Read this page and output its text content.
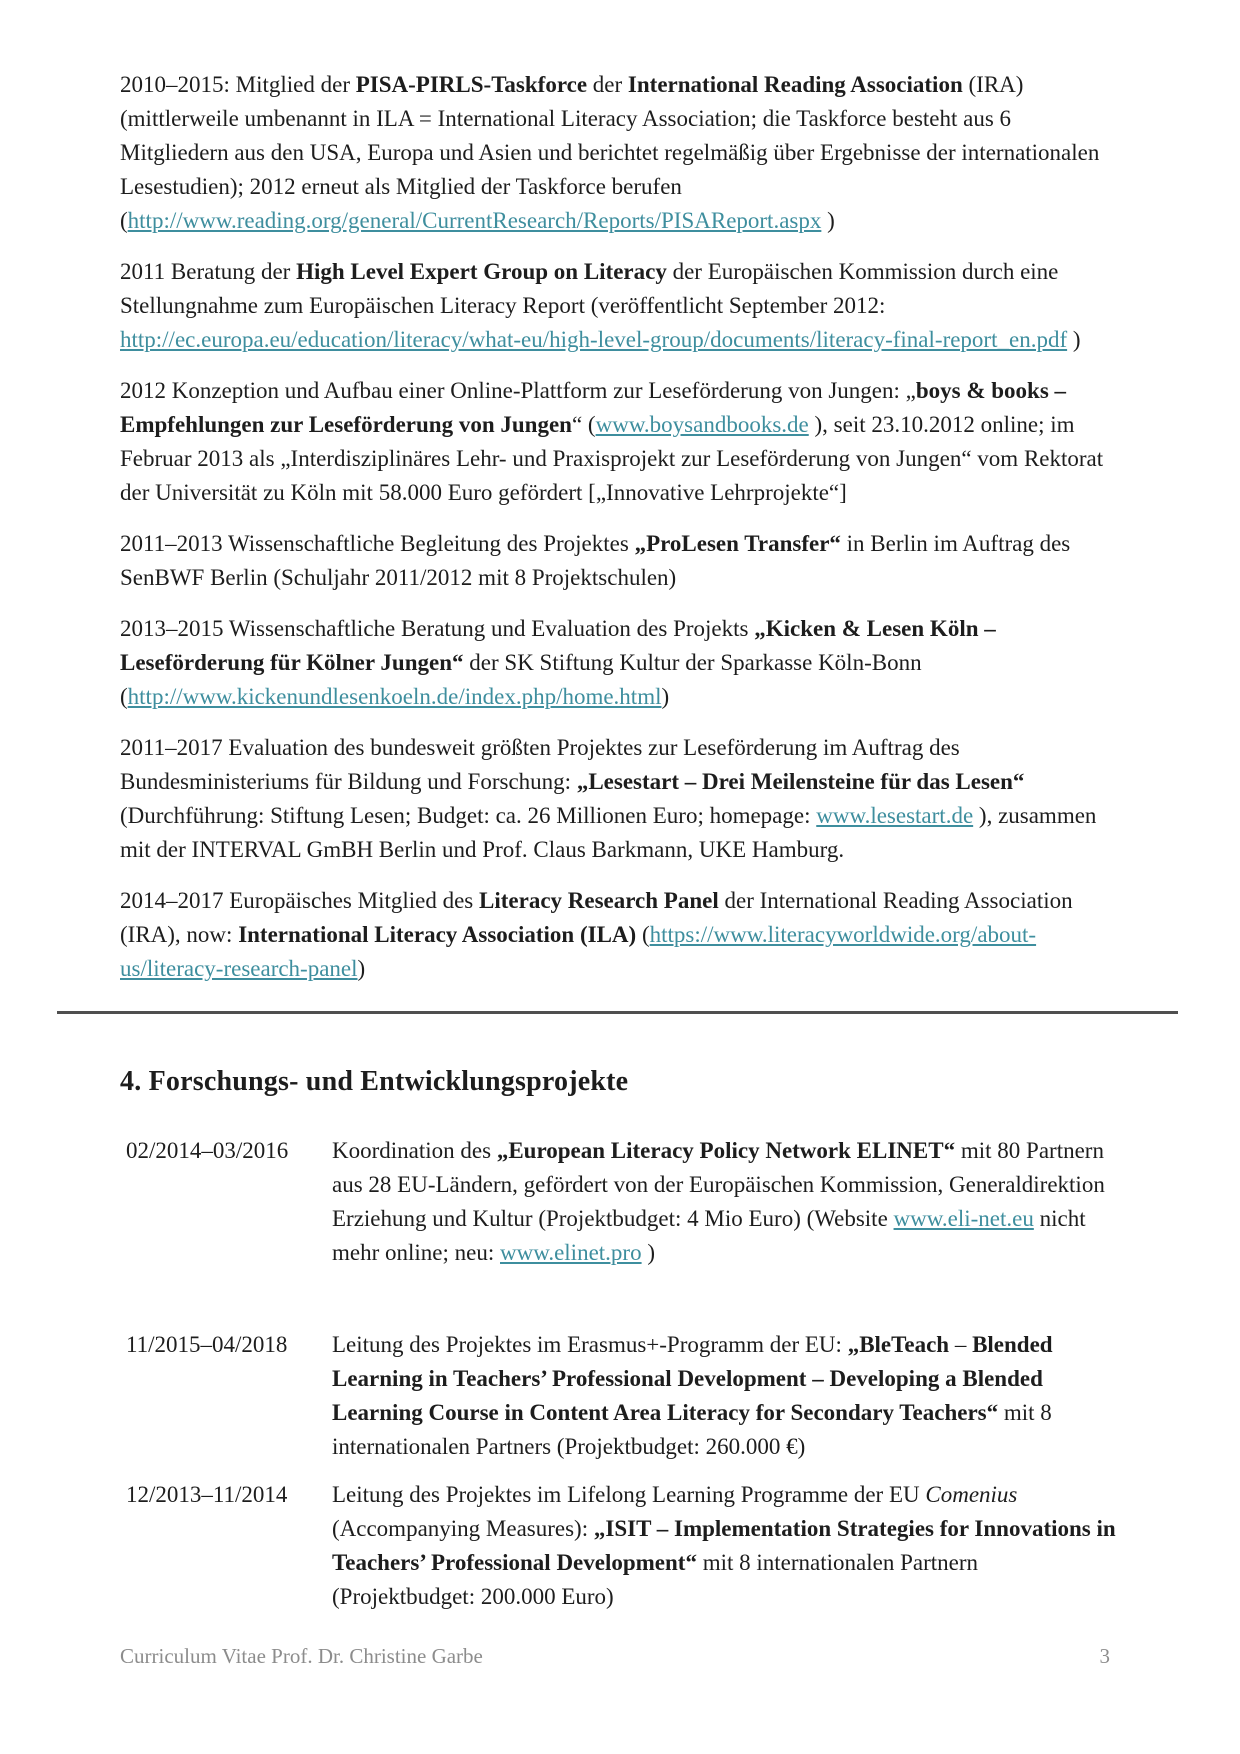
2010–2015: Mitglied der PISA-PIRLS-Taskforce der International Reading Association (IRA) (mittlerweile umbenannt in ILA = International Literacy Association; die Taskforce besteht aus 6 Mitgliedern aus den USA, Europa und Asien und berichtet regelmäßig über Ergebnisse der internationalen Lesestudien); 2012 erneut als Mitglied der Taskforce berufen (http://www.reading.org/general/CurrentResearch/Reports/PISAReport.aspx )

2011 Beratung der High Level Expert Group on Literacy der Europäischen Kommission durch eine Stellungnahme zum Europäischen Literacy Report (veröffentlicht September 2012: http://ec.europa.eu/education/literacy/what-eu/high-level-group/documents/literacy-final-report_en.pdf )

2012 Konzeption und Aufbau einer Online-Plattform zur Leseförderung von Jungen: „boys & books – Empfehlungen zur Leseförderung von Jungen“ (www.boysandbooks.de ), seit 23.10.2012 online; im Februar 2013 als „Interdisziplinäres Lehr- und Praxisprojekt zur Leseförderung von Jungen“ vom Rektorat der Universität zu Köln mit 58.000 Euro gefördert [„Innovative Lehrprojekte“]

2011–2013 Wissenschaftliche Begleitung des Projektes „ProLesen Transfer“ in Berlin im Auftrag des SenBWF Berlin (Schuljahr 2011/2012 mit 8 Projektschulen)

2013–2015 Wissenschaftliche Beratung und Evaluation des Projekts „Kicken & Lesen Köln – Leseförderung für Kölner Jungen“ der SK Stiftung Kultur der Sparkasse Köln-Bonn (http://www.kickenundlesenkoeln.de/index.php/home.html)

2011–2017 Evaluation des bundesweit größten Projektes zur Leseförderung im Auftrag des Bundesministeriums für Bildung und Forschung: „Lesestart – Drei Meilensteine für das Lesen“ (Durchführung: Stiftung Lesen; Budget: ca. 26 Millionen Euro; homepage: www.lesestart.de ), zusammen mit der INTERVAL GmBH Berlin und Prof. Claus Barkmann, UKE Hamburg.

2014–2017 Europäisches Mitglied des Literacy Research Panel der International Reading Association (IRA), now: International Literacy Association (ILA) (https://www.literacyworldwide.org/about-us/literacy-research-panel)

4. Forschungs- und Entwicklungsprojekte
02/2014–03/2016	Koordination des „European Literacy Policy Network ELINET“ mit 80 Partnern aus 28 EU-Ländern, gefördert von der Europäischen Kommission, Generaldirektion Erziehung und Kultur (Projektbudget: 4 Mio Euro) (Website www.eli-net.eu nicht mehr online; neu: www.elinet.pro )
11/2015–04/2018	Leitung des Projektes im Erasmus+-Programm der EU: „BleTeach – Blended Learning in Teachers’ Professional Development – Developing a Blended Learning Course in Content Area Literacy for Secondary Teachers“ mit 8 internationalen Partners (Projektbudget: 260.000 €)
12/2013–11/2014	Leitung des Projektes im Lifelong Learning Programme der EU Comenius (Accompanying Measures): „ISIT – Implementation Strategies for Innovations in Teachers’ Professional Development“ mit 8 internationalen Partnern (Projektbudget: 200.000 Euro)
Curriculum Vitae Prof. Dr. Christine Garbe	3
